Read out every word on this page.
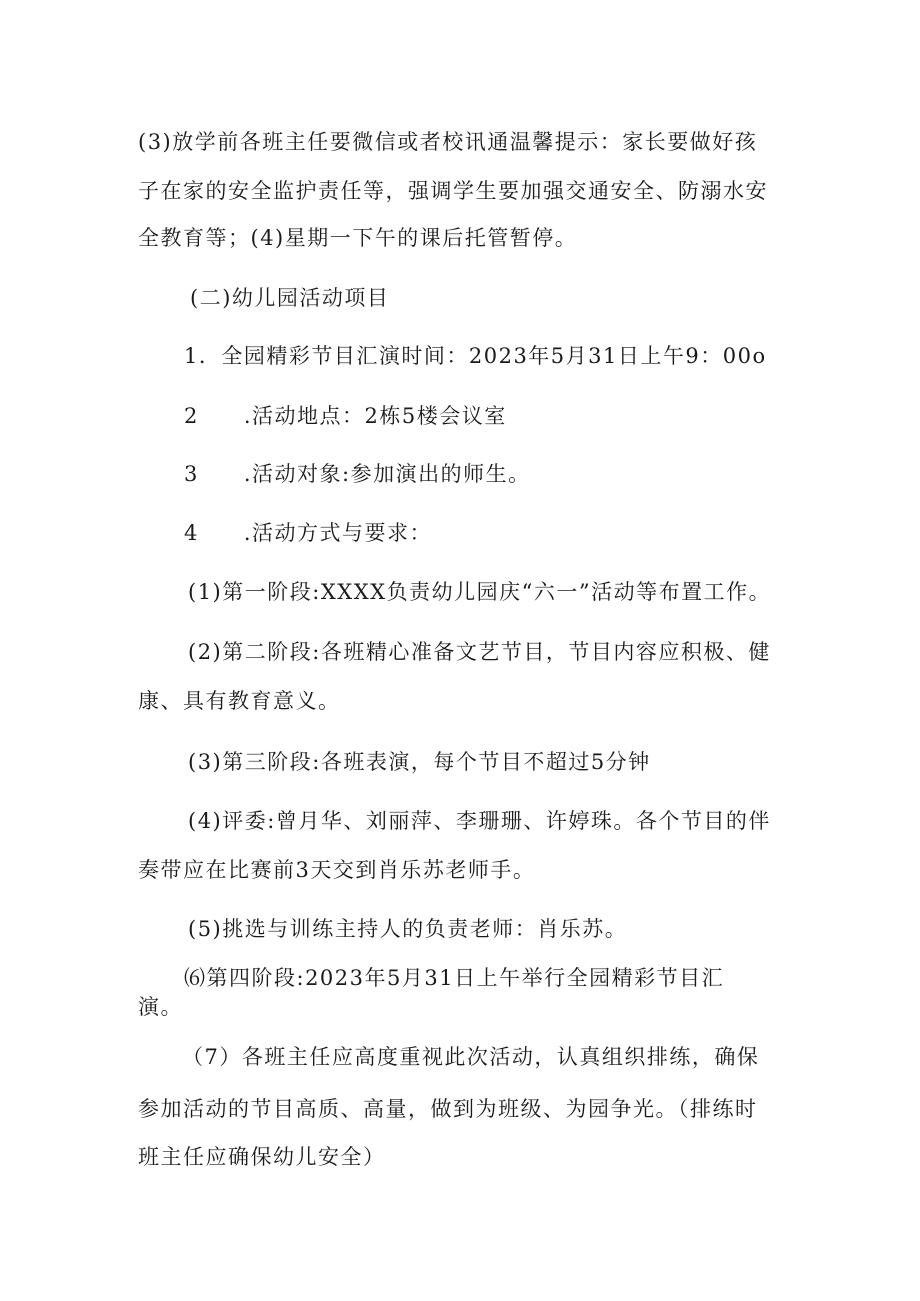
(3)放学前各班主任要微信或者校讯通温馨提示：家长要做好孩
子在家的安全监护责任等，强调学生要加强交通安全、防溺水安
全教育等；(4)星期一下午的课后托管暂停。
(二)幼儿园活动项目
1．全园精彩节目汇演时间：2023年5月31日上午9：00o
2　　.活动地点：2栋5楼会议室
3　　.活动对象:参加演出的师生。
4　　.活动方式与要求：
(1)第一阶段:XXXX负责幼儿园庆“六一”活动等布置工作。
(2)第二阶段:各班精心准备文艺节目，节目内容应积极、健
康、具有教育意义。
(3)第三阶段:各班表演，每个节目不超过5分钟
(4)评委:曾月华、刘丽萍、李珊珊、许婷珠。各个节目的伴
奏带应在比赛前3天交到肖乐苏老师手。
(5)挑选与训练主持人的负责老师：肖乐苏。
⑹第四阶段:2023年5月31日上午举行全园精彩节目汇
演。
（7）各班主任应高度重视此次活动，认真组织排练，确保
参加活动的节目高质、高量，做到为班级、为园争光。（排练时
班主任应确保幼儿安全）
